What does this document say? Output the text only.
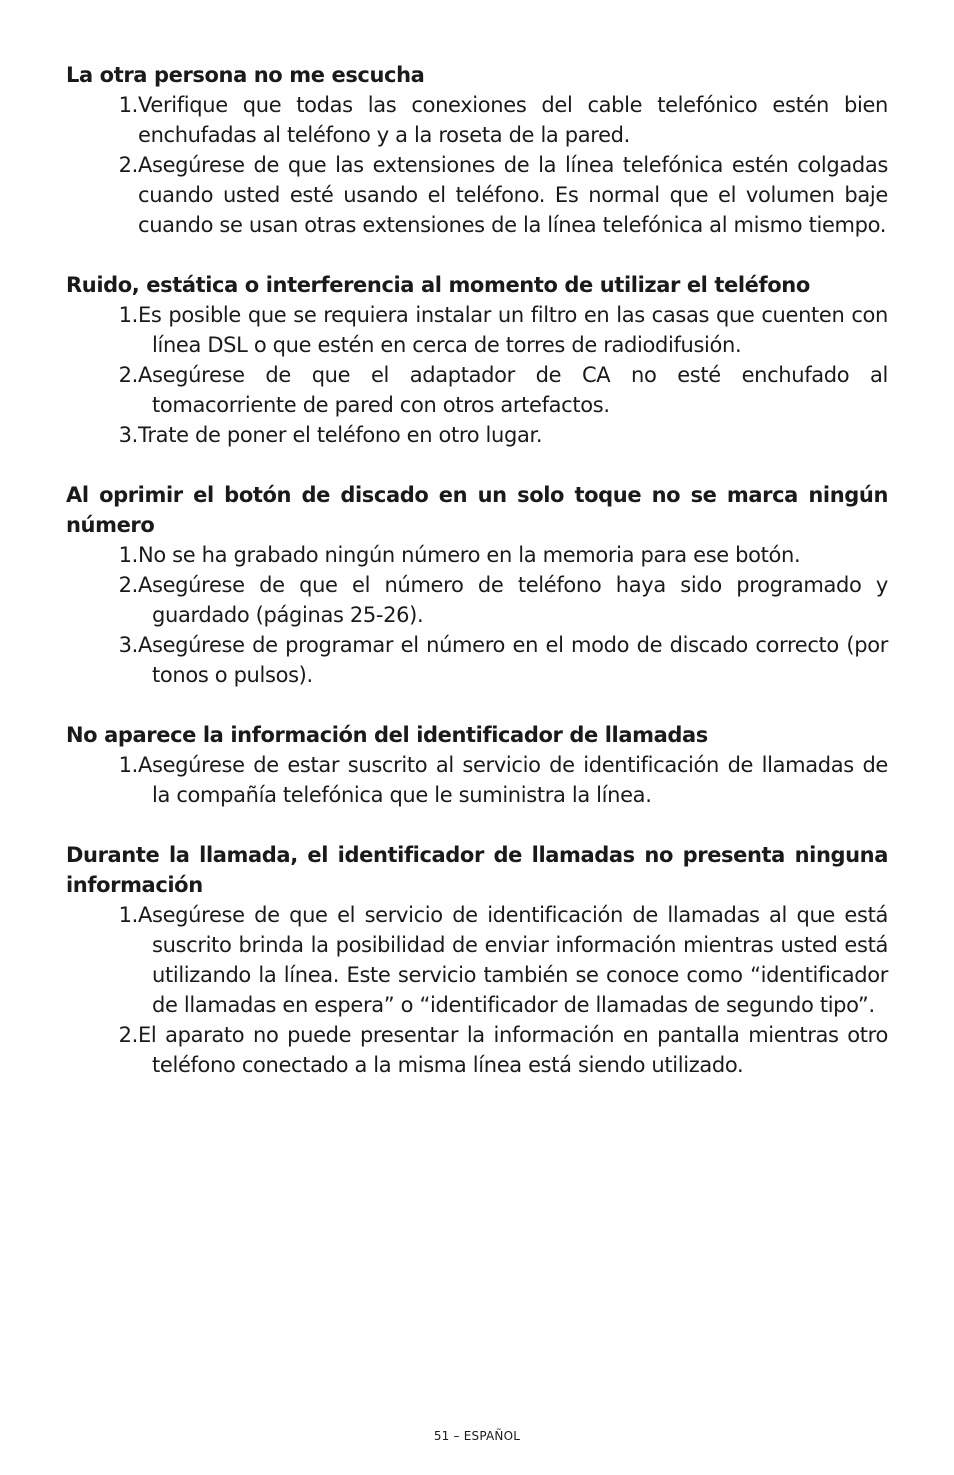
La otra persona no me escucha
1. Verifique que todas las conexiones del cable telefónico estén bien enchufadas al teléfono y a la roseta de la pared.
2. Asegúrese de que las extensiones de la línea telefónica estén colgadas cuando usted esté usando el teléfono. Es normal que el volumen baje cuando se usan otras extensiones de la línea telefónica al mismo tiempo.
Ruido, estática o interferencia al momento de utilizar el teléfono
1. Es posible que se requiera instalar un filtro en las casas que cuenten con línea DSL o que estén en cerca de torres de radiodifusión.
2. Asegúrese de que el adaptador de CA no esté enchufado al tomacorriente de pared con otros artefactos.
3. Trate de poner el teléfono en otro lugar.
Al oprimir el botón de discado en un solo toque no se marca ningún número
1. No se ha grabado ningún número en la memoria para ese botón.
2. Asegúrese de que el número de teléfono haya sido programado y guardado (páginas 25-26).
3. Asegúrese de programar el número en el modo de discado correcto (por tonos o pulsos).
No aparece la información del identificador de llamadas
1. Asegúrese de estar suscrito al servicio de identificación de llamadas de la compañía telefónica que le suministra la línea.
Durante la llamada, el identificador de llamadas no presenta ninguna información
1. Asegúrese de que el servicio de identificación de llamadas al que está suscrito brinda la posibilidad de enviar información mientras usted está utilizando la línea. Este servicio también se conoce como “identificador de llamadas en espera” o “identificador de llamadas de segundo tipo”.
2. El aparato no puede presentar la información en pantalla mientras otro teléfono conectado a la misma línea está siendo utilizado.
51 – ESPAÑOL
